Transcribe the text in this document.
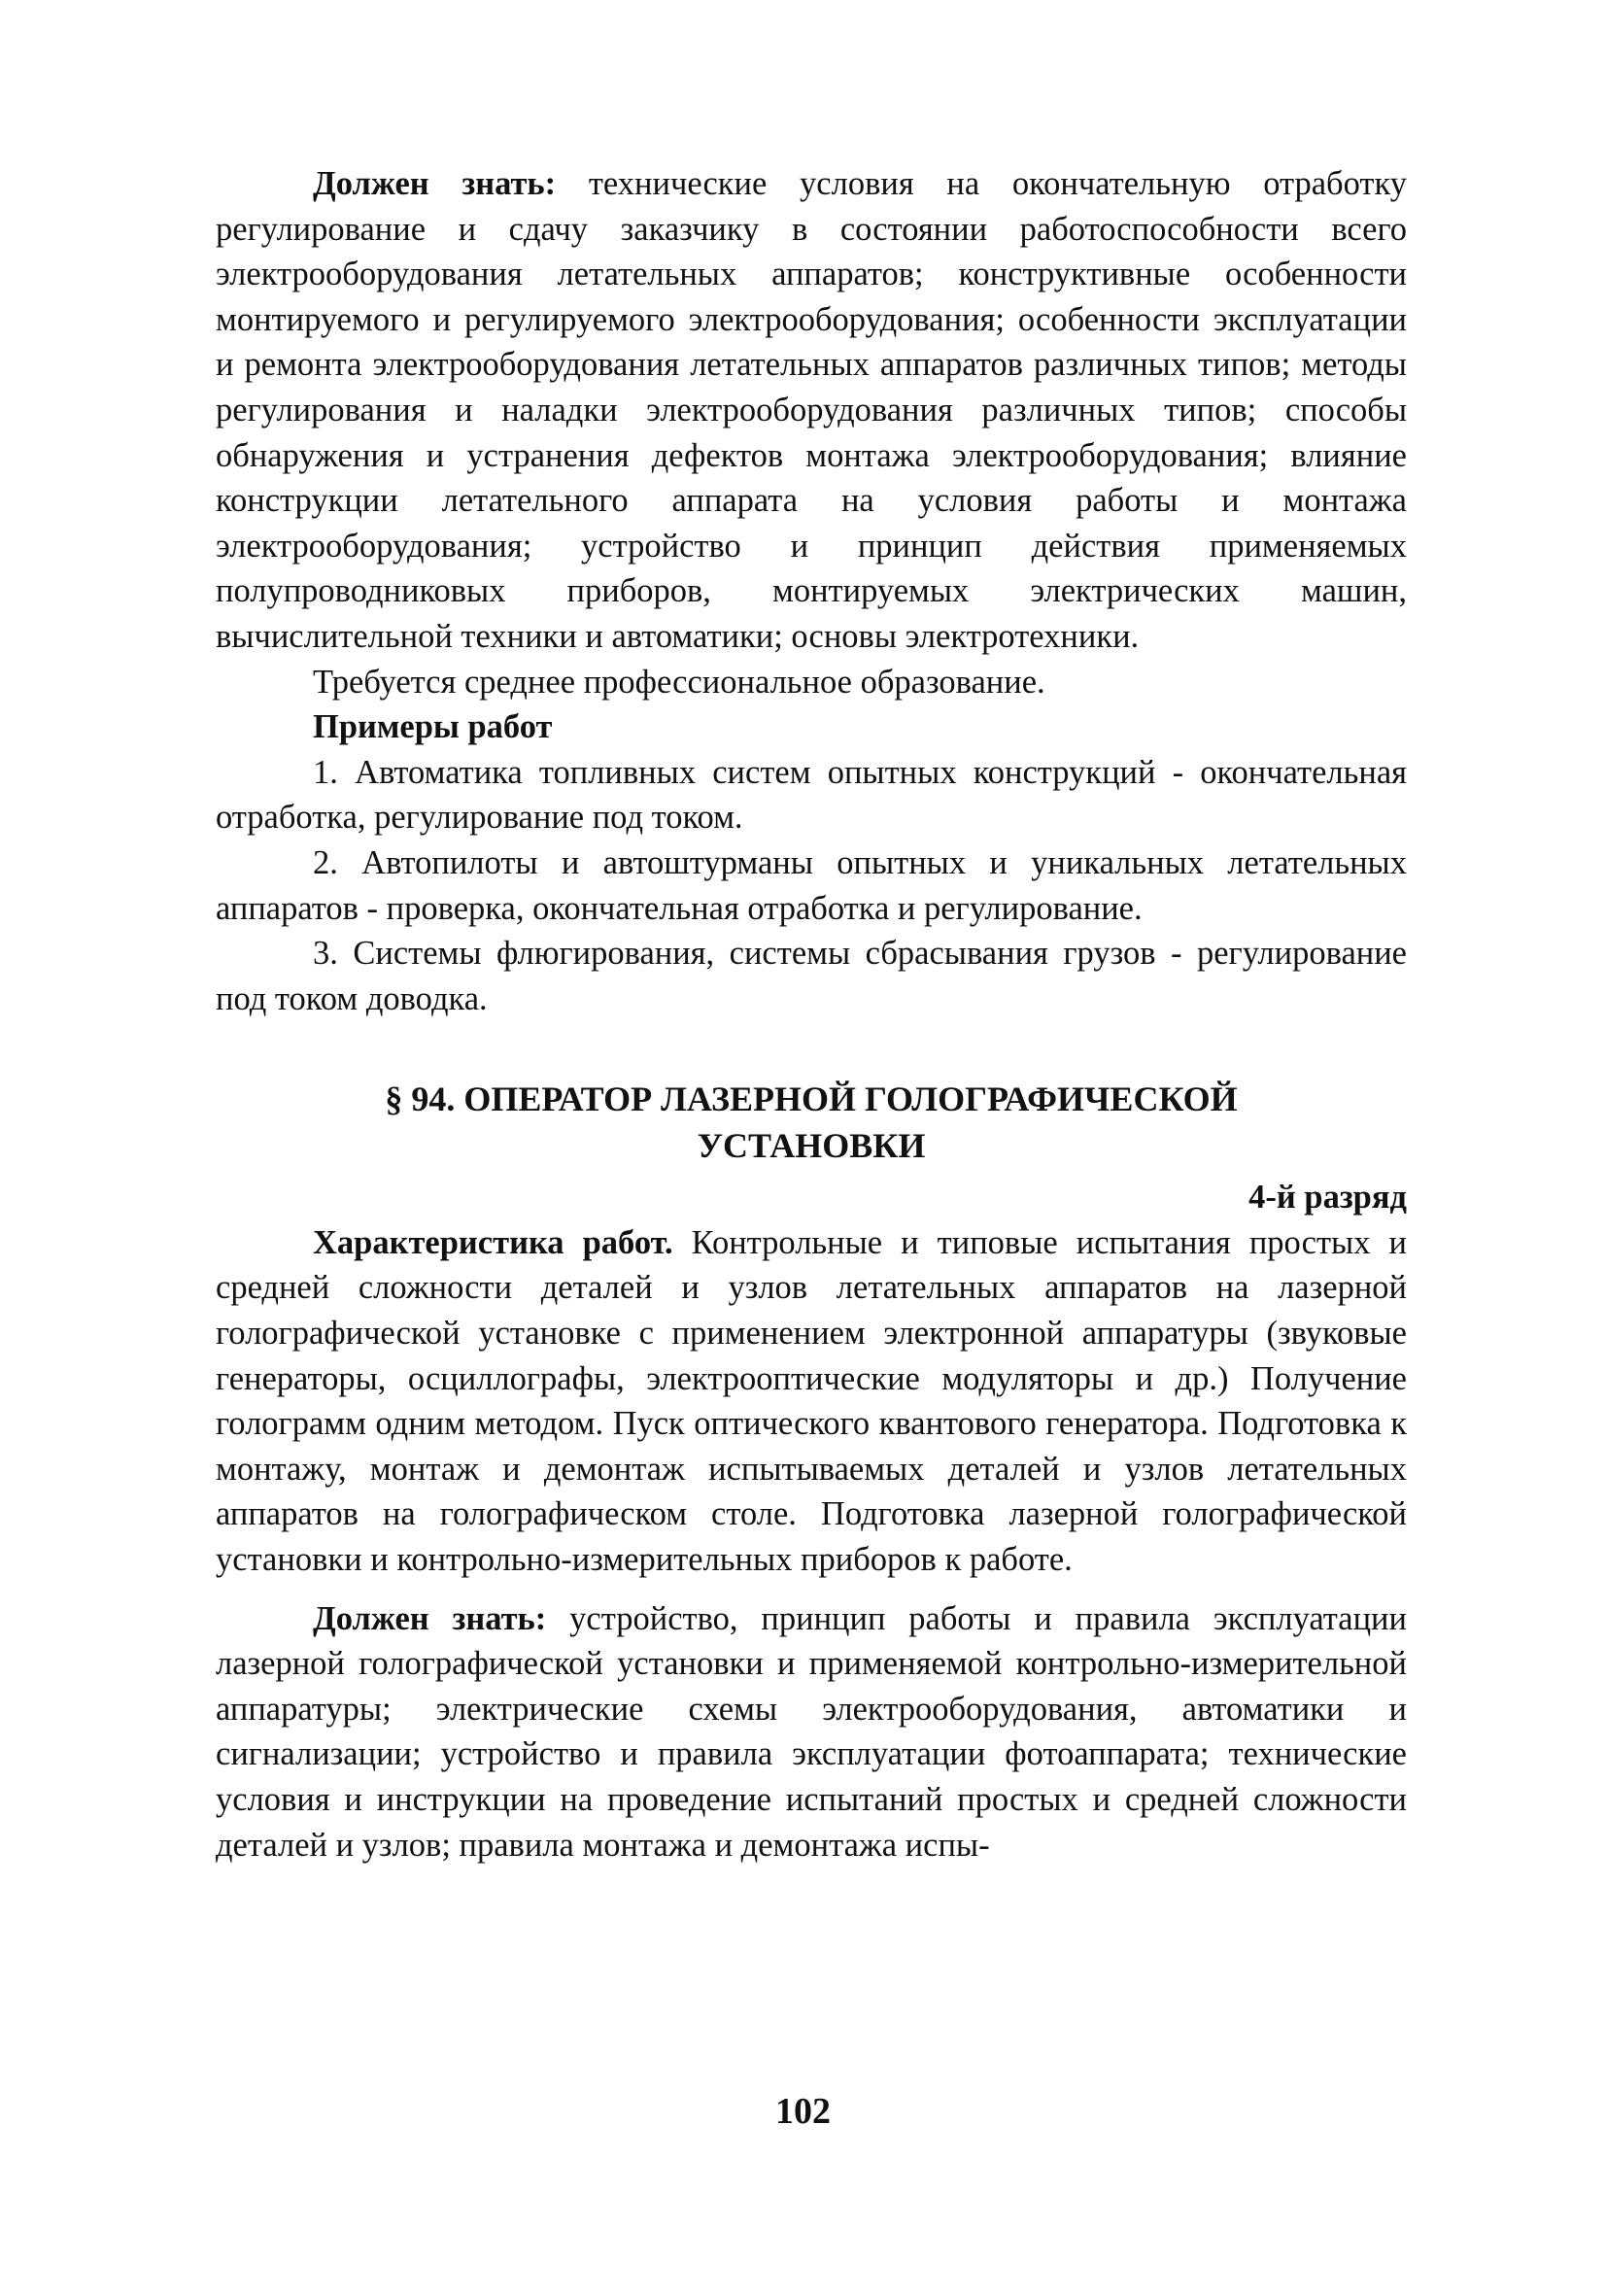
Должен знать: технические условия на окончательную отработку регулирование и сдачу заказчику в состоянии работоспособности всего электрооборудования летательных аппаратов; конструктивные особенности монтируемого и регулируемого электрооборудования; особенности эксплуатации и ремонта электрооборудования летательных аппаратов различных типов; методы регулирования и наладки электрооборудования различных типов; способы обнаружения и устранения дефектов монтажа электрооборудования; влияние конструкции летательного аппарата на условия работы и монтажа электрооборудования; устройство и принцип действия применяемых полупроводниковых приборов, монтируемых электрических машин, вычислительной техники и автоматики; основы электротехники.

Требуется среднее профессиональное образование.

Примеры работ

1. Автоматика топливных систем опытных конструкций - окончательная отработка, регулирование под током.

2. Автопилоты и автоштурманы опытных и уникальных летательных аппаратов - проверка, окончательная отработка и регулирование.

3. Системы флюгирования, системы сбрасывания грузов - регулирование под током доводка.

§ 94. ОПЕРАТОР ЛАЗЕРНОЙ ГОЛОГРАФИЧЕСКОЙ
УСТАНОВКИ
4-й разряд

Характеристика работ. Контрольные и типовые испытания простых и средней сложности деталей и узлов летательных аппаратов на лазерной голографической установке с применением электронной аппаратуры (звуковые генераторы, осциллографы, электрооптические модуляторы и др.) Получение голограмм одним методом. Пуск оптического квантового генератора. Подготовка к монтажу, монтаж и демонтаж испытываемых деталей и узлов летательных аппаратов на голографическом столе. Подготовка лазерной голографической установки и контрольно-измерительных приборов к работе.

Должен знать: устройство, принцип работы и правила эксплуатации лазерной голографической установки и применяемой контрольно-измерительной аппаратуры; электрические схемы электрооборудования, автоматики и сигнализации; устройство и правила эксплуатации фотоаппарата; технические условия и инструкции на проведение испытаний простых и средней сложности деталей и узлов; правила монтажа и демонтажа испы-

102
